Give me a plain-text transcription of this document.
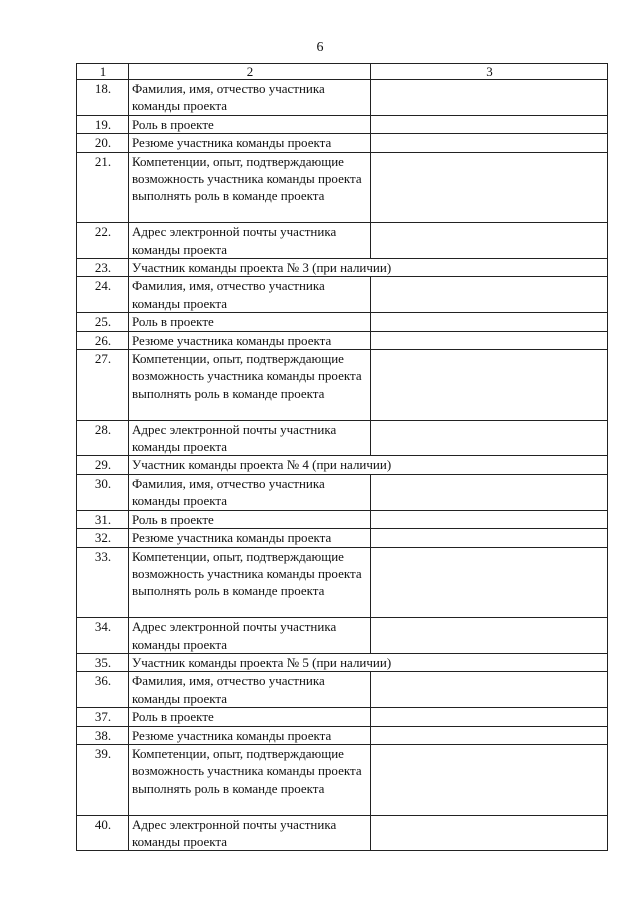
6
1	2	3
18.	Фамилия, имя, отчество участника команды проекта	
19.	Роль в проекте	
20.	Резюме участника команды проекта	
21.	Компетенции, опыт, подтверждающие возможность участника команды проекта выполнять роль в команде проекта	
22.	Адрес электронной почты участника команды проекта	
23.	Участник команды проекта № 3 (при наличии)	
24.	Фамилия, имя, отчество участника команды проекта	
25.	Роль в проекте	
26.	Резюме участника команды проекта	
27.	Компетенции, опыт, подтверждающие возможность участника команды проекта выполнять роль в команде проекта	
28.	Адрес электронной почты участника команды проекта	
29.	Участник команды проекта № 4 (при наличии)	
30.	Фамилия, имя, отчество участника команды проекта	
31.	Роль в проекте	
32.	Резюме участника команды проекта	
33.	Компетенции, опыт, подтверждающие возможность участника команды проекта выполнять роль в команде проекта	
34.	Адрес электронной почты участника команды проекта	
35.	Участник команды проекта № 5 (при наличии)	
36.	Фамилия, имя, отчество участника команды проекта	
37.	Роль в проекте	
38.	Резюме участника команды проекта	
39.	Компетенции, опыт, подтверждающие возможность участника команды проекта выполнять роль в команде проекта	
40.	Адрес электронной почты участника команды проекта	
